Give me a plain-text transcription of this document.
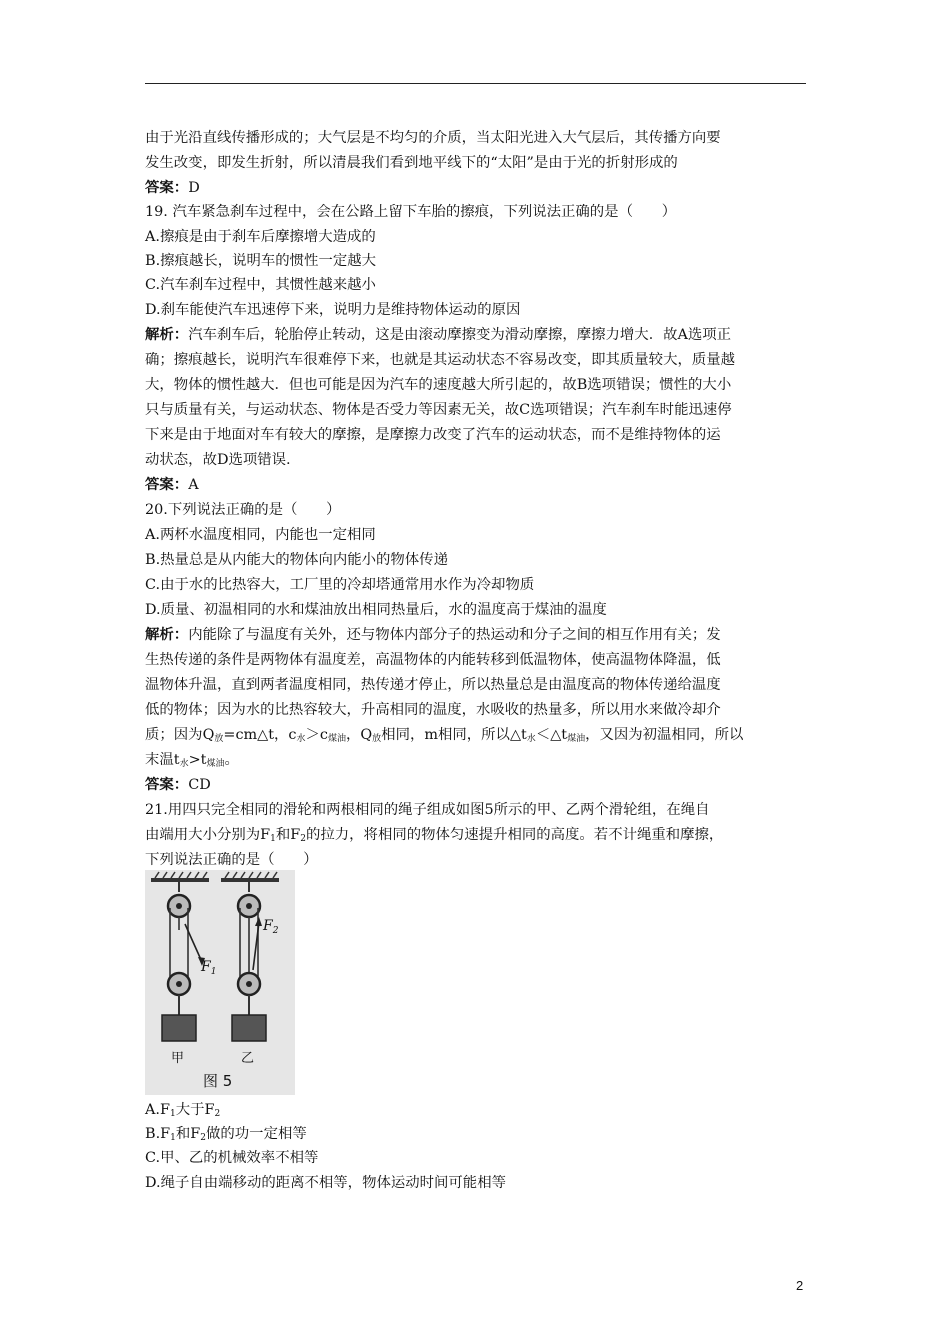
由于光沿直线传播形成的；大气层是不均匀的介质，当太阳光进入大气层后，其传播方向要
发生改变，即发生折射，所以清晨我们看到地平线下的“太阳”是由于光的折射形成的
答案：D
19. 汽车紧急刹车过程中，会在公路上留下车胎的擦痕，下列说法正确的是（　　）
A.擦痕是由于刹车后摩擦增大造成的
B.擦痕越长，说明车的惯性一定越大
C.汽车刹车过程中，其惯性越来越小
D.刹车能使汽车迅速停下来，说明力是维持物体运动的原因
解析：汽车刹车后，轮胎停止转动，这是由滚动摩擦变为滑动摩擦，摩擦力增大．故A选项正
确；擦痕越长，说明汽车很难停下来，也就是其运动状态不容易改变，即其质量较大，质量越
大，物体的惯性越大．但也可能是因为汽车的速度越大所引起的，故B选项错误；惯性的大小
只与质量有关，与运动状态、物体是否受力等因素无关，故C选项错误；汽车刹车时能迅速停
下来是由于地面对车有较大的摩擦，是摩擦力改变了汽车的运动状态，而不是维持物体的运
动状态，故D选项错误.
答案：A
20.下列说法正确的是（　　）
A.两杯水温度相同，内能也一定相同
B.热量总是从内能大的物体向内能小的物体传递
C.由于水的比热容大，工厂里的冷却塔通常用水作为冷却物质
D.质量、初温相同的水和煤油放出相同热量后，水的温度高于煤油的温度
解析：内能除了与温度有关外，还与物体内部分子的热运动和分子之间的相互作用有关；发
生热传递的条件是两物体有温度差，高温物体的内能转移到低温物体，使高温物体降温，低
温物体升温，直到两者温度相同，热传递才停止，所以热量总是由温度高的物体传递给温度
低的物体；因为水的比热容较大，升高相同的温度，水吸收的热量多，所以用水来做冷却介
质；因为$Q_放=cm\triangle t$，$c_水>c_{煤油}$，$Q_放$相同，m相同，所以$\triangle t_水<\triangle t_{煤油}$，又因为初温相同，所以
末温$t_水>t_{煤油}$。
答案：CD
21.用四只完全相同的滑轮和两根相同的绳子组成如图5所示的甲、乙两个滑轮组，在绳自
由端用大小分别为$F_1$和$F_2$的拉力，将相同的物体匀速提升相同的高度。若不计绳重和摩擦，
下列说法正确的是（　　）
$F_1$
甲
$F_2$
乙
图 5
$A.F_1$大于$F_2$
$B.F_1$和$F_2$做的功一定相等
C.甲、乙的机械效率不相等
D.绳子自由端移动的距离不相等，物体运动时间可能相等
2
